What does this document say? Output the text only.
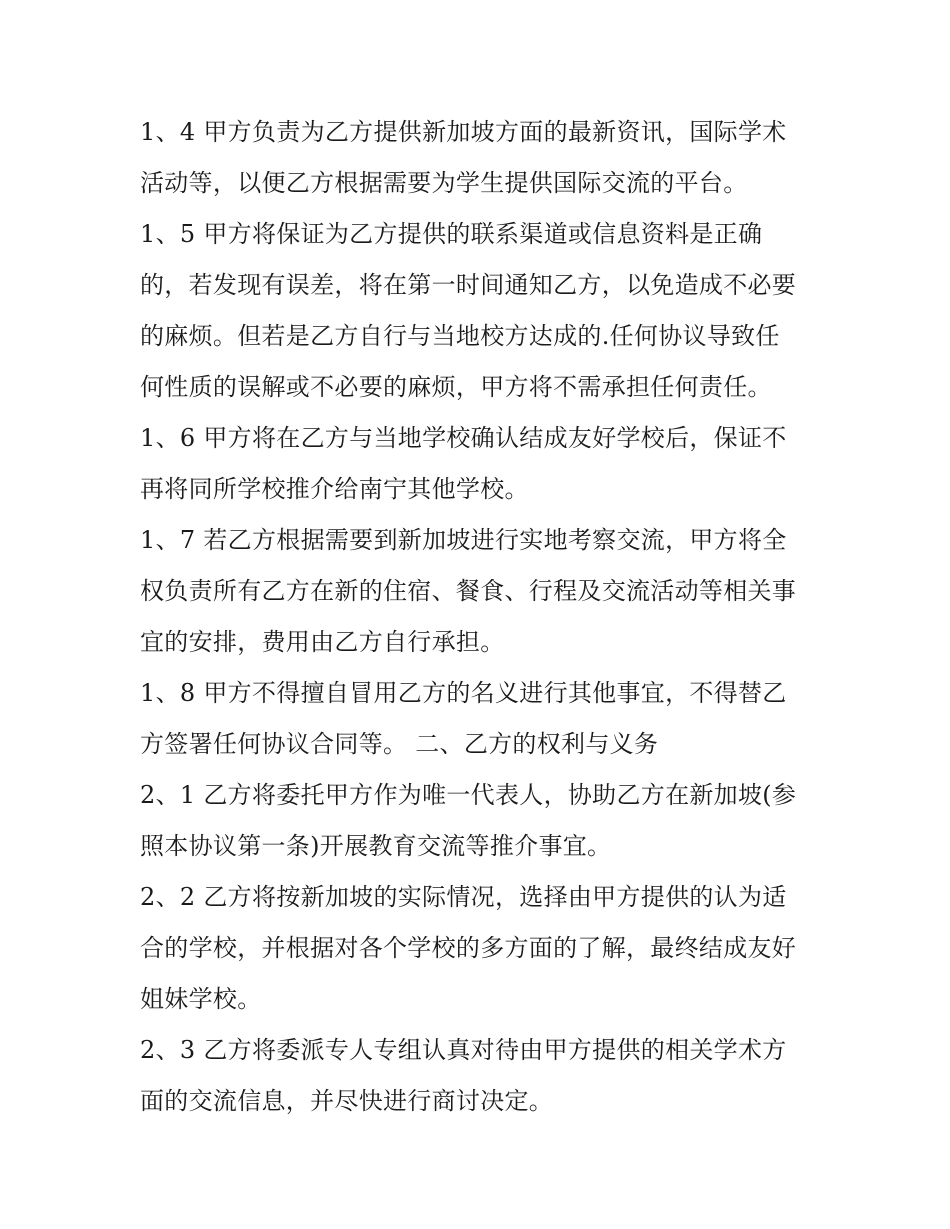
1、4 甲方负责为乙方提供新加坡方面的最新资讯，国际学术
活动等，以便乙方根据需要为学生提供国际交流的平台。
1、5 甲方将保证为乙方提供的联系渠道或信息资料是正确
的，若发现有误差，将在第一时间通知乙方，以免造成不必要
的麻烦。但若是乙方自行与当地校方达成的.任何协议导致任
何性质的误解或不必要的麻烦，甲方将不需承担任何责任。
1、6 甲方将在乙方与当地学校确认结成友好学校后，保证不
再将同所学校推介给南宁其他学校。
1、7 若乙方根据需要到新加坡进行实地考察交流，甲方将全
权负责所有乙方在新的住宿、餐食、行程及交流活动等相关事
宜的安排，费用由乙方自行承担。
1、8 甲方不得擅自冒用乙方的名义进行其他事宜，不得替乙
方签署任何协议合同等。 二、乙方的权利与义务
2、1 乙方将委托甲方作为唯一代表人，协助乙方在新加坡(参
照本协议第一条)开展教育交流等推介事宜。
2、2 乙方将按新加坡的实际情况，选择由甲方提供的认为适
合的学校，并根据对各个学校的多方面的了解，最终结成友好
姐妹学校。
2、3 乙方将委派专人专组认真对待由甲方提供的相关学术方
面的交流信息，并尽快进行商讨决定。
